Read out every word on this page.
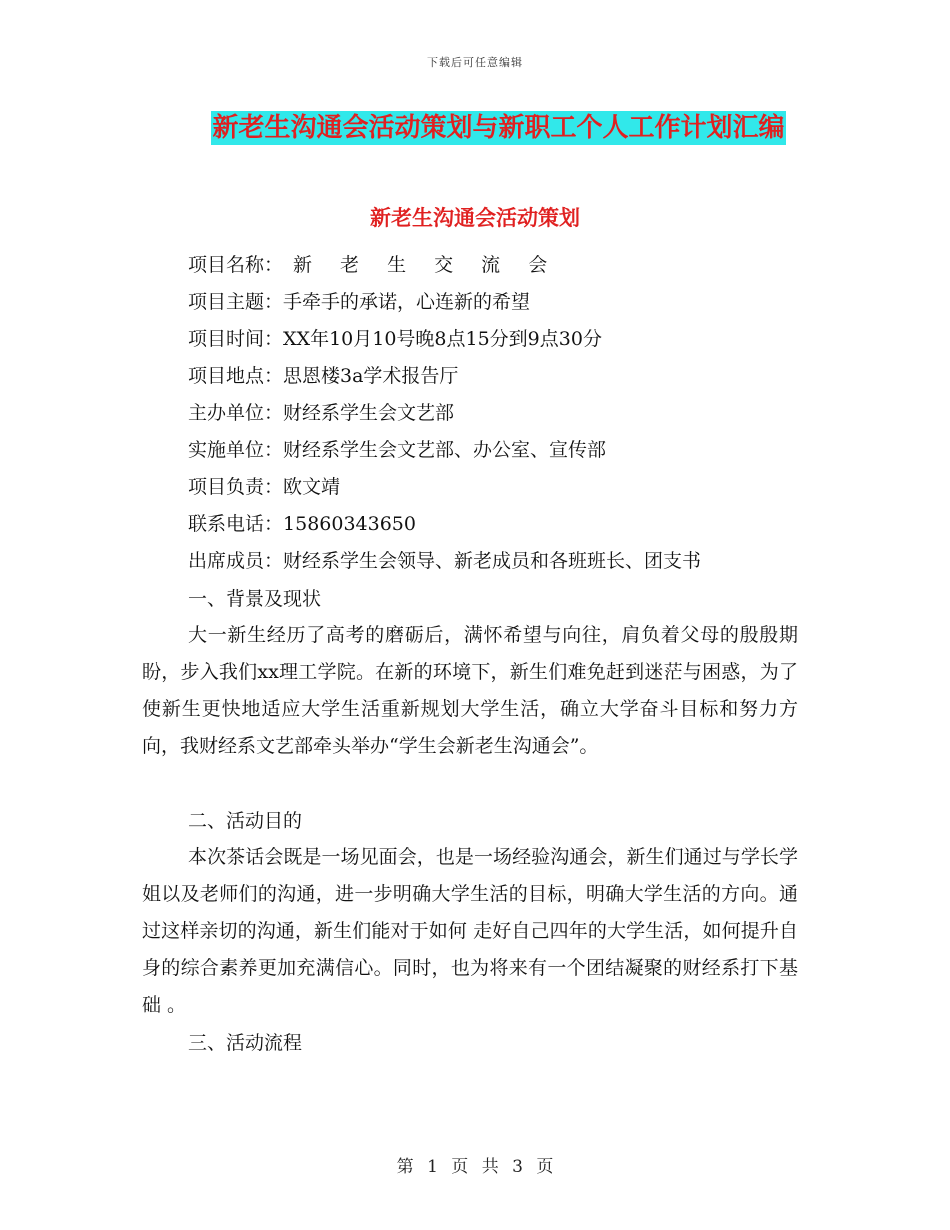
下载后可任意编辑
新老生沟通会活动策划与新职工个人工作计划汇编
新老生沟通会活动策划
项目名称： 新 老 生 交 流 会
项目主题：手牵手的承诺，心连新的希望
项目时间：XX年10月10号晚8点15分到9点30分
项目地点：思恩楼3a学术报告厅
主办单位：财经系学生会文艺部
实施单位：财经系学生会文艺部、办公室、宣传部
项目负责：欧文靖
联系电话：15860343650
出席成员：财经系学生会领导、新老成员和各班班长、团支书
一、背景及现状

大一新生经历了高考的磨砺后，满怀希望与向往，肩负着父母的殷殷期盼，步入我们xx理工学院。在新的环境下，新生们难免赶到迷茫与困惑，为了使新生更快地适应大学生活重新规划大学生活，确立大学奋斗目标和努力方向，我财经系文艺部牵头举办“学生会新老生沟通会”。

二、活动目的

本次茶话会既是一场见面会，也是一场经验沟通会，新生们通过与学长学姐以及老师们的沟通，进一步明确大学生活的目标，明确大学生活的方向。通过这样亲切的沟通，新生们能对于如何 走好自己四年的大学生活，如何提升自身的综合素养更加充满信心。同时，也为将来有一个团结凝聚的财经系打下基础 。

三、活动流程
第 1 页 共 3 页
